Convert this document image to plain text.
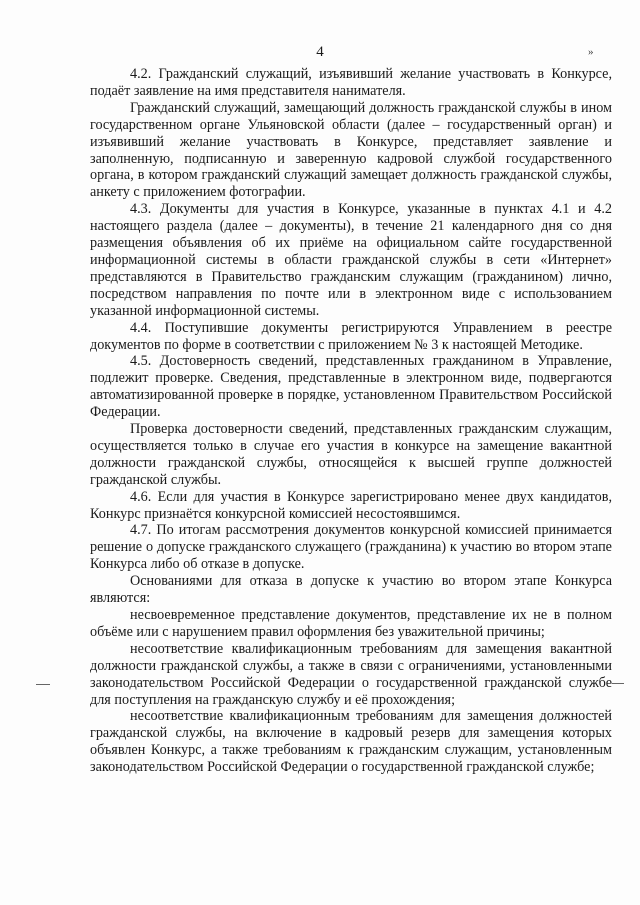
4	»

4.2. Гражданский служащий, изъявивший желание участвовать в Конкурсе, подаёт заявление на имя представителя нанимателя.

Гражданский служащий, замещающий должность гражданской службы в ином государственном органе Ульяновской области (далее – государственный орган) и изъявивший желание участвовать в Конкурсе, представляет заявление и заполненную, подписанную и заверенную кадровой службой государственного органа, в котором гражданский служащий замещает должность гражданской службы, анкету с приложением фотографии.

4.3. Документы для участия в Конкурсе, указанные в пунктах 4.1 и 4.2 настоящего раздела (далее – документы), в течение 21 календарного дня со дня размещения объявления об их приёме на официальном сайте государственной информационной системы в области гражданской службы в сети «Интернет» представляются в Правительство гражданским служащим (гражданином) лично, посредством направления по почте или в электронном виде с использованием указанной информационной системы.

4.4. Поступившие документы регистрируются Управлением в реестре документов по форме в соответствии с приложением № 3 к настоящей Методике.

4.5. Достоверность сведений, представленных гражданином в Управление, подлежит проверке. Сведения, представленные в электронном виде, подвергаются автоматизированной проверке в порядке, установленном Правительством Российской Федерации.

Проверка достоверности сведений, представленных гражданским служащим, осуществляется только в случае его участия в конкурсе на замещение вакантной должности гражданской службы, относящейся к высшей группе должностей гражданской службы.

4.6. Если для участия в Конкурсе зарегистрировано менее двух кандидатов, Конкурс признаётся конкурсной комиссией несостоявшимся.

4.7. По итогам рассмотрения документов конкурсной комиссией принимается решение о допуске гражданского служащего (гражданина) к участию во втором этапе Конкурса либо об отказе в допуске.

Основаниями для отказа в допуске к участию во втором этапе Конкурса являются:

несвоевременное представление документов, представление их не в полном объёме или с нарушением правил оформления без уважительной причины;

несоответствие квалификационным требованиям для замещения вакантной должности гражданской службы, а также в связи с ограничениями, установленными законодательством Российской Федерации о государственной гражданской службе для поступления на гражданскую службу и её прохождения;

несоответствие квалификационным требованиям для замещения должностей гражданской службы, на включение в кадровый резерв для замещения которых объявлен Конкурс, а также требованиям к гражданским служащим, установленным законодательством Российской Федерации о государственной гражданской службе;
